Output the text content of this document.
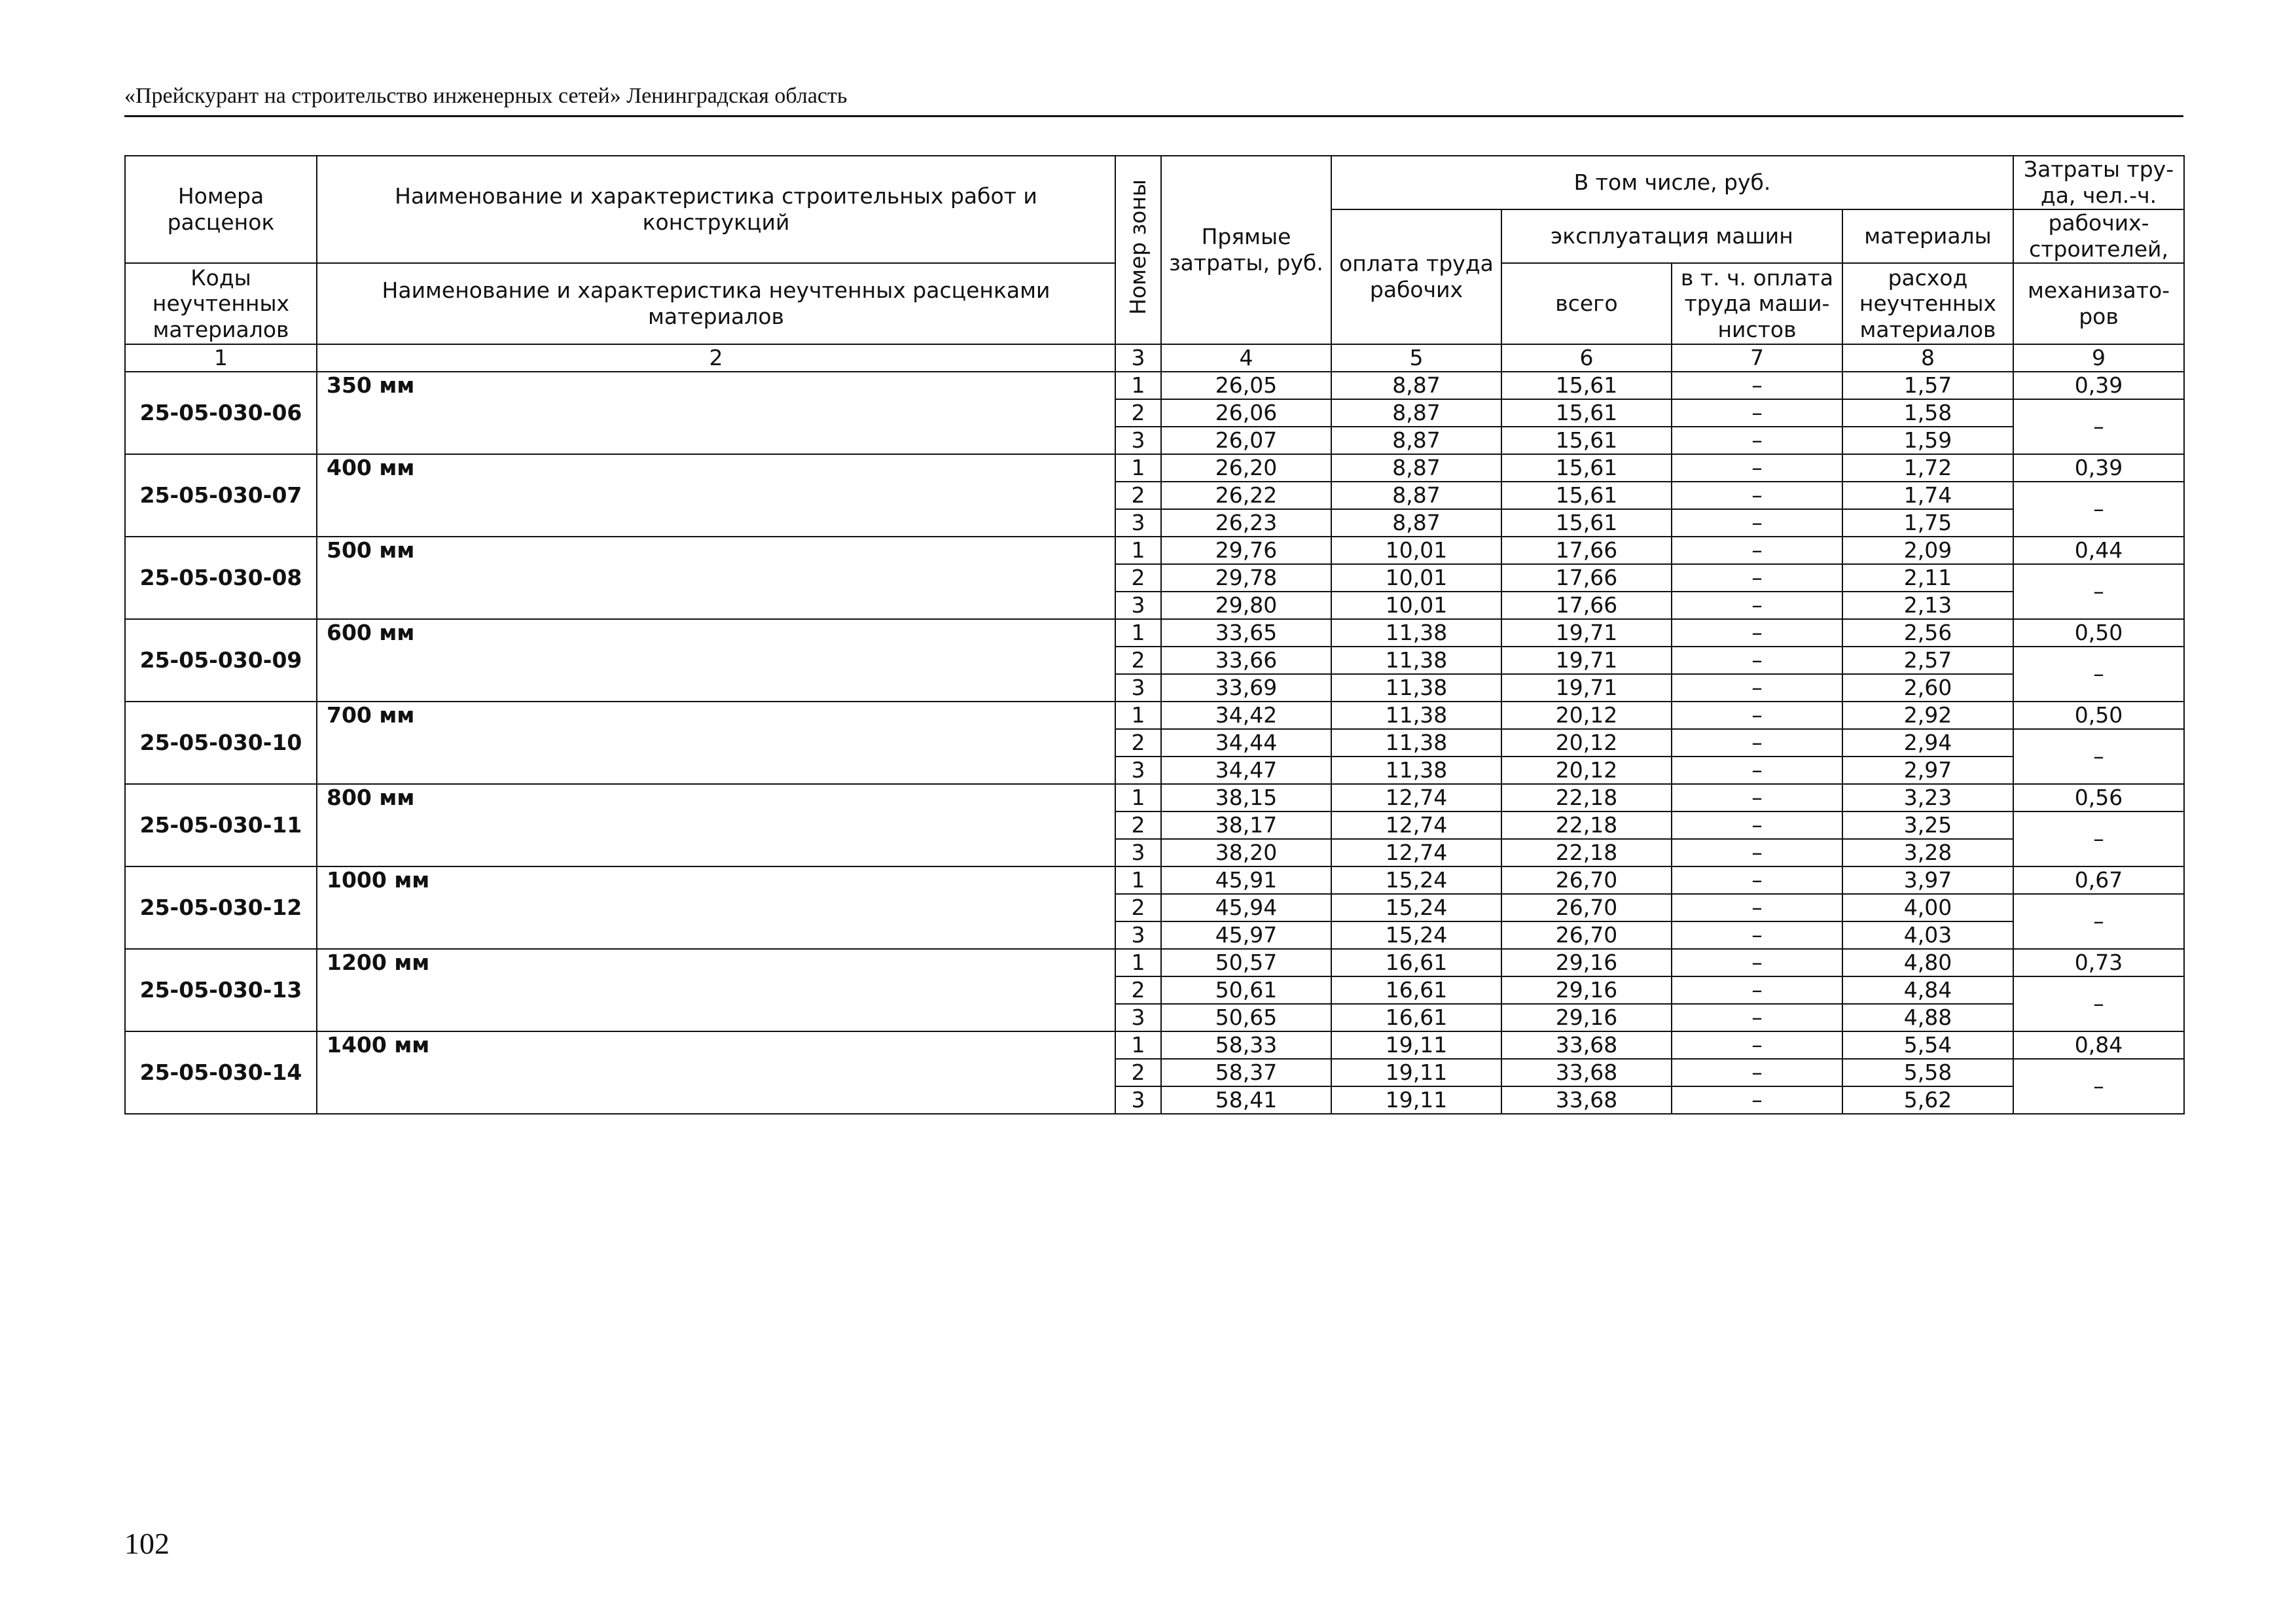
«Прейскурант на строительство инженерных сетей» Ленинградская область
Номера расценок	Наименование и характеристика строительных работ и конструкций	Номер зоны	Прямые затраты, руб.	В том числе, руб.				Затраты тру- да, чел.-ч.
				оплата труда рабочих	эксплуатация машин		материалы	рабочих- строителей,
Коды неучтенных материалов	Наименование и характеристика неучтенных расценками материалов				всего	в т. ч. оплата труда маши- нистов	расход неучтенных материалов	механизато- ров
1	2	3	4	5	6	7	8	9
25-05-030-06	350 мм	1	26,05	8,87	15,61	–	1,57	0,39
		2	26,06	8,87	15,61	–	1,58	–
		3	26,07	8,87	15,61	–	1,59	
25-05-030-07	400 мм	1	26,20	8,87	15,61	–	1,72	0,39
		2	26,22	8,87	15,61	–	1,74	–
		3	26,23	8,87	15,61	–	1,75	
25-05-030-08	500 мм	1	29,76	10,01	17,66	–	2,09	0,44
		2	29,78	10,01	17,66	–	2,11	–
		3	29,80	10,01	17,66	–	2,13	
25-05-030-09	600 мм	1	33,65	11,38	19,71	–	2,56	0,50
		2	33,66	11,38	19,71	–	2,57	–
		3	33,69	11,38	19,71	–	2,60	
25-05-030-10	700 мм	1	34,42	11,38	20,12	–	2,92	0,50
		2	34,44	11,38	20,12	–	2,94	–
		3	34,47	11,38	20,12	–	2,97	
25-05-030-11	800 мм	1	38,15	12,74	22,18	–	3,23	0,56
		2	38,17	12,74	22,18	–	3,25	–
		3	38,20	12,74	22,18	–	3,28	
25-05-030-12	1000 мм	1	45,91	15,24	26,70	–	3,97	0,67
		2	45,94	15,24	26,70	–	4,00	–
		3	45,97	15,24	26,70	–	4,03	
25-05-030-13	1200 мм	1	50,57	16,61	29,16	–	4,80	0,73
		2	50,61	16,61	29,16	–	4,84	–
		3	50,65	16,61	29,16	–	4,88	
25-05-030-14	1400 мм	1	58,33	19,11	33,68	–	5,54	0,84
		2	58,37	19,11	33,68	–	5,58	–
		3	58,41	19,11	33,68	–	5,62	
102
